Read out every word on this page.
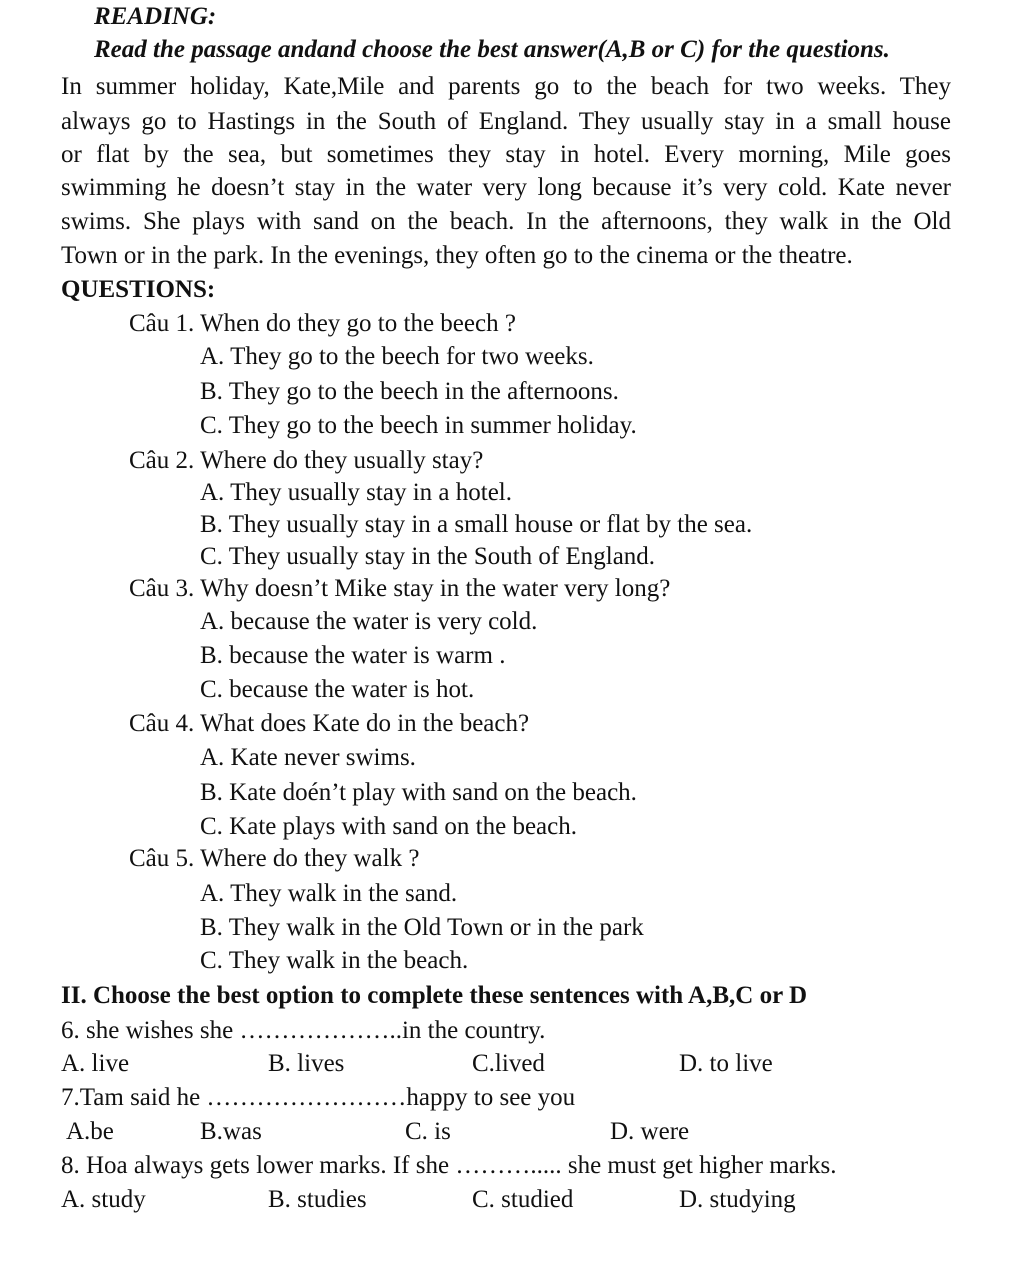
READING:
Read the passage andand choose the best answer(A,B or C) for the questions.
In summer holiday, Kate,Mile and parents go to the beach for two weeks. They
always go to Hastings in the South of England. They usually stay in a small house
or flat by the sea, but sometimes they stay in hotel. Every morning, Mile goes
swimming he doesn’t stay in the water very long because it’s very cold. Kate never
swims. She plays with sand on the beach. In the afternoons, they walk in the Old
Town or in the park. In the evenings, they often go to the cinema or the theatre.
QUESTIONS:
Câu 1. When do they go to the beech ?
A. They go to the beech for two weeks.
B. They go to the beech in the afternoons.
C. They go to the beech in summer holiday.
Câu 2. Where do they usually stay?
A. They usually stay in a hotel.
B. They usually stay in a small house or flat by the sea.
C. They usually stay in the South of England.
Câu 3. Why doesn’t Mike stay in the water very long?
A. because the water is very cold.
B. because the water is warm .
C. because the water is hot.
Câu 4. What does Kate do in the beach?
A. Kate never swims.
B. Kate doén’t play with sand on the beach.
C. Kate plays with sand on the beach.
Câu 5. Where do they walk ?
A. They walk in the sand.
B. They walk in the Old Town or in the park
C. They walk in the beach.
II. Choose the best option to complete these sentences with A,B,C or D
6. she wishes she ………………..in the country.
A. live	B. lives	C.lived	D. to live
7.Tam said he ……………………happy to see you
A.be	B.was	C. is	D. were
8. Hoa always gets lower marks. If she ………..... she must get higher marks.
A. study	B. studies	C. studied	D. studying
